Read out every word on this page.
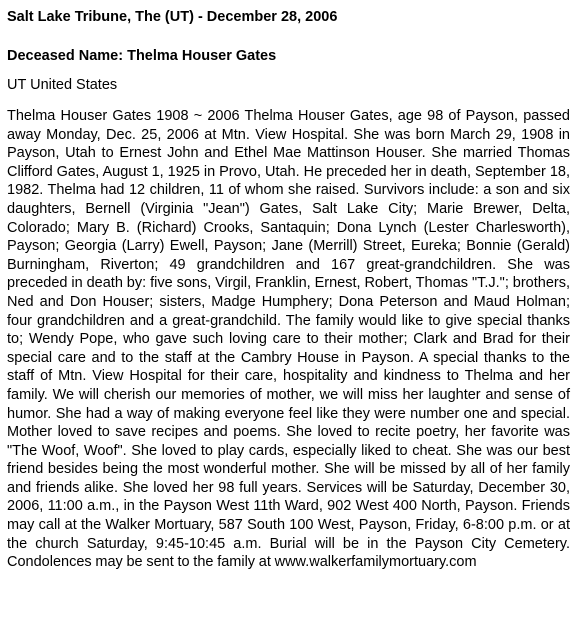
Salt Lake Tribune, The (UT) - December 28, 2006

Deceased Name: Thelma Houser Gates

UT United States

Thelma Houser Gates 1908 ~ 2006 Thelma Houser Gates, age 98 of Payson, passed away Monday, Dec. 25, 2006 at Mtn. View Hospital. She was born March 29, 1908 in Payson, Utah to Ernest John and Ethel Mae Mattinson Houser. She married Thomas Clifford Gates, August 1, 1925 in Provo, Utah. He preceded her in death, September 18, 1982. Thelma had 12 children, 11 of whom she raised. Survivors include: a son and six daughters, Bernell (Virginia "Jean") Gates, Salt Lake City; Marie Brewer, Delta, Colorado; Mary B. (Richard) Crooks, Santaquin; Dona Lynch (Lester Charlesworth), Payson; Georgia (Larry) Ewell, Payson; Jane (Merrill) Street, Eureka; Bonnie (Gerald) Burningham, Riverton; 49 grandchildren and 167 great-grandchildren. She was preceded in death by: five sons, Virgil, Franklin, Ernest, Robert, Thomas "T.J."; brothers, Ned and Don Houser; sisters, Madge Humphery; Dona Peterson and Maud Holman; four grandchildren and a great-grandchild. The family would like to give special thanks to; Wendy Pope, who gave such loving care to their mother; Clark and Brad for their special care and to the staff at the Cambry House in Payson. A special thanks to the staff of Mtn. View Hospital for their care, hospitality and kindness to Thelma and her family. We will cherish our memories of mother, we will miss her laughter and sense of humor. She had a way of making everyone feel like they were number one and special. Mother loved to save recipes and poems. She loved to recite poetry, her favorite was "The Woof, Woof". She loved to play cards, especially liked to cheat. She was our best friend besides being the most wonderful mother. She will be missed by all of her family and friends alike. She loved her 98 full years. Services will be Saturday, December 30, 2006, 11:00 a.m., in the Payson West 11th Ward, 902 West 400 North, Payson. Friends may call at the Walker Mortuary, 587 South 100 West, Payson, Friday, 6-8:00 p.m. or at the church Saturday, 9:45-10:45 a.m. Burial will be in the Payson City Cemetery. Condolences may be sent to the family at www.walkerfamilymortuary.com
